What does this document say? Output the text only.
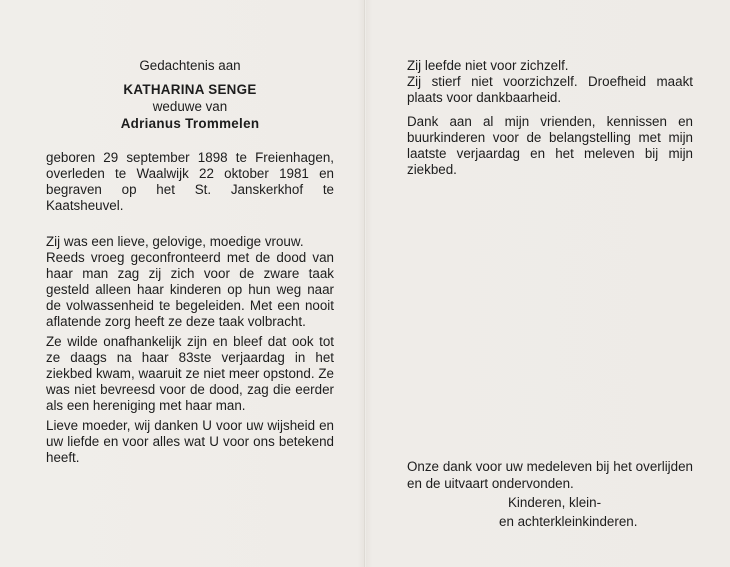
Gedachtenis aan

KATHARINA SENGE

weduwe van

Adrianus Trommelen

geboren 29 september 1898 te Freienhagen, overleden te Waalwijk 22 oktober 1981 en begraven op het St. Janskerkhof te Kaatsheuvel.

Zij was een lieve, gelovige, moedige vrouw.

Reeds vroeg geconfronteerd met de dood van haar man zag zij zich voor de zware taak gesteld alleen haar kinderen op hun weg naar de volwassenheid te begeleiden. Met een nooit aflatende zorg heeft ze deze taak volbracht.

Ze wilde onafhankelijk zijn en bleef dat ook tot ze daags na haar 83ste verjaardag in het ziekbed kwam, waaruit ze niet meer opstond. Ze was niet bevreesd voor de dood, zag die eerder als een hereniging met haar man.

Lieve moeder, wij danken U voor uw wijsheid en uw liefde en voor alles wat U voor ons betekend heeft.

Zij leefde niet voor zichzelf.

Zij stierf niet voorzichzelf. Droefheid maakt plaats voor dankbaarheid.

Dank aan al mijn vrienden, kennissen en buurkinderen voor de belangstelling met mijn laatste verjaardag en het meleven bij mijn ziekbed.

Onze dank voor uw medeleven bij het overlijden en de uitvaart ondervonden.

Kinderen, klein-

en achterkleinkinderen.
